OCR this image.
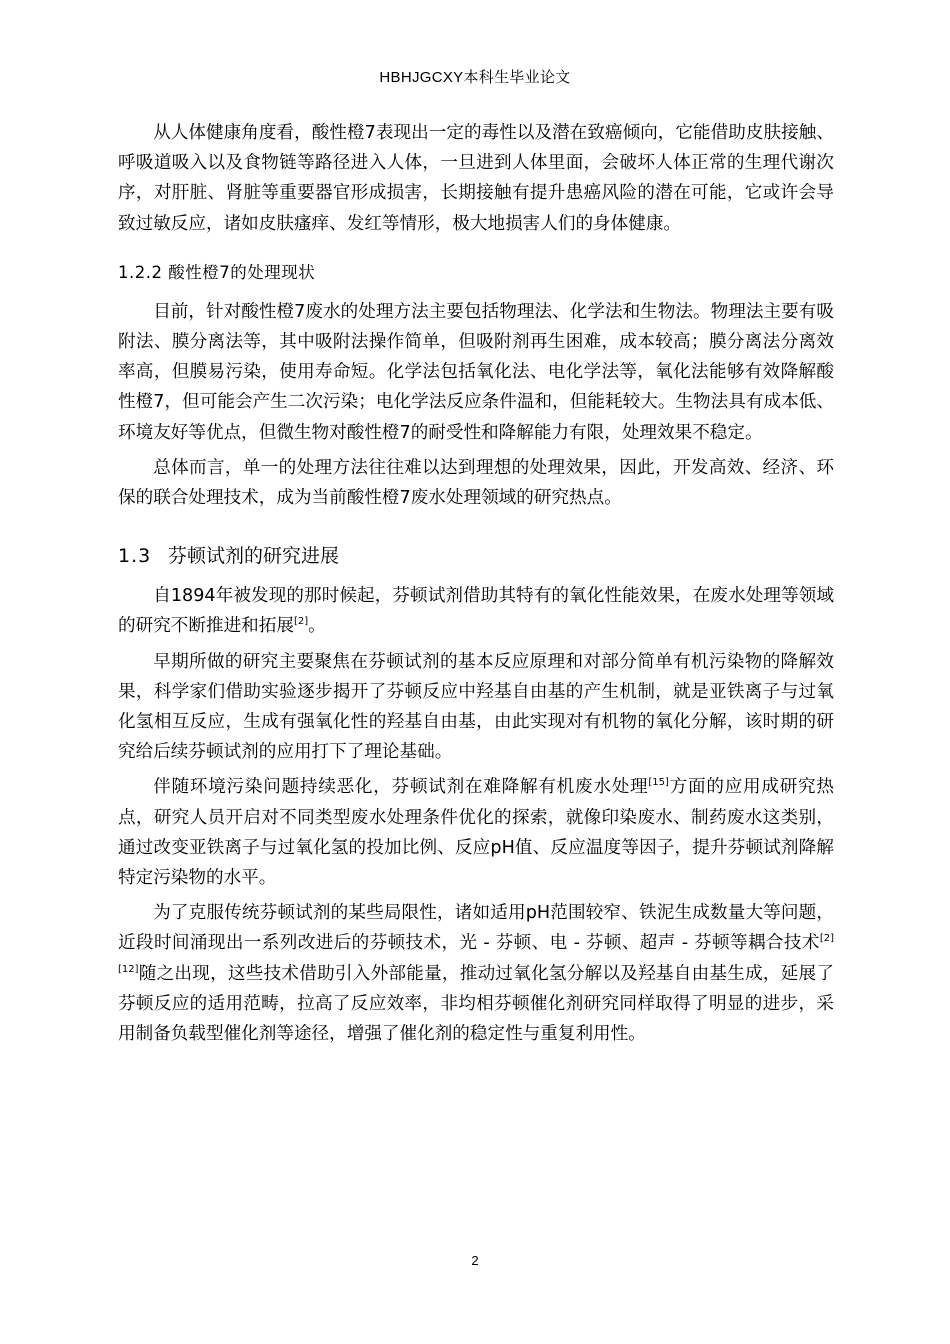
HBHJGCXY本科生毕业论文

从人体健康角度看，酸性橙7表现出一定的毒性以及潜在致癌倾向，它能借助皮肤接触、呼吸道吸入以及食物链等路径进入人体，一旦进到人体里面，会破坏人体正常的生理代谢次序，对肝脏、肾脏等重要器官形成损害，长期接触有提升患癌风险的潜在可能，它或许会导致过敏反应，诸如皮肤瘙痒、发红等情形，极大地损害人们的身体健康。

1.2.2 酸性橙7的处理现状

目前，针对酸性橙7废水的处理方法主要包括物理法、化学法和生物法。物理法主要有吸附法、膜分离法等，其中吸附法操作简单，但吸附剂再生困难，成本较高；膜分离法分离效率高，但膜易污染，使用寿命短。化学法包括氧化法、电化学法等，氧化法能够有效降解酸性橙7，但可能会产生二次污染；电化学法反应条件温和，但能耗较大。生物法具有成本低、环境友好等优点，但微生物对酸性橙7的耐受性和降解能力有限，处理效果不稳定。

总体而言，单一的处理方法往往难以达到理想的处理效果，因此，开发高效、经济、环保的联合处理技术，成为当前酸性橙7废水处理领域的研究热点。

1.3 芬顿试剂的研究进展

自1894年被发现的那时候起，芬顿试剂借助其特有的氧化性能效果，在废水处理等领域的研究不断推进和拓展[2]。

早期所做的研究主要聚焦在芬顿试剂的基本反应原理和对部分简单有机污染物的降解效果，科学家们借助实验逐步揭开了芬顿反应中羟基自由基的产生机制，就是亚铁离子与过氧化氢相互反应，生成有强氧化性的羟基自由基，由此实现对有机物的氧化分解，该时期的研究给后续芬顿试剂的应用打下了理论基础。

伴随环境污染问题持续恶化，芬顿试剂在难降解有机废水处理[15]方面的应用成研究热点，研究人员开启对不同类型废水处理条件优化的探索，就像印染废水、制药废水这类别，通过改变亚铁离子与过氧化氢的投加比例、反应pH值、反应温度等因子，提升芬顿试剂降解特定污染物的水平。

为了克服传统芬顿试剂的某些局限性，诸如适用pH范围较窄、铁泥生成数量大等问题，近段时间涌现出一系列改进后的芬顿技术，光 - 芬顿、电 - 芬顿、超声 - 芬顿等耦合技术[2][12]随之出现，这些技术借助引入外部能量，推动过氧化氢分解以及羟基自由基生成，延展了芬顿反应的适用范畴，拉高了反应效率，非均相芬顿催化剂研究同样取得了明显的进步，采用制备负载型催化剂等途径，增强了催化剂的稳定性与重复利用性。

2
